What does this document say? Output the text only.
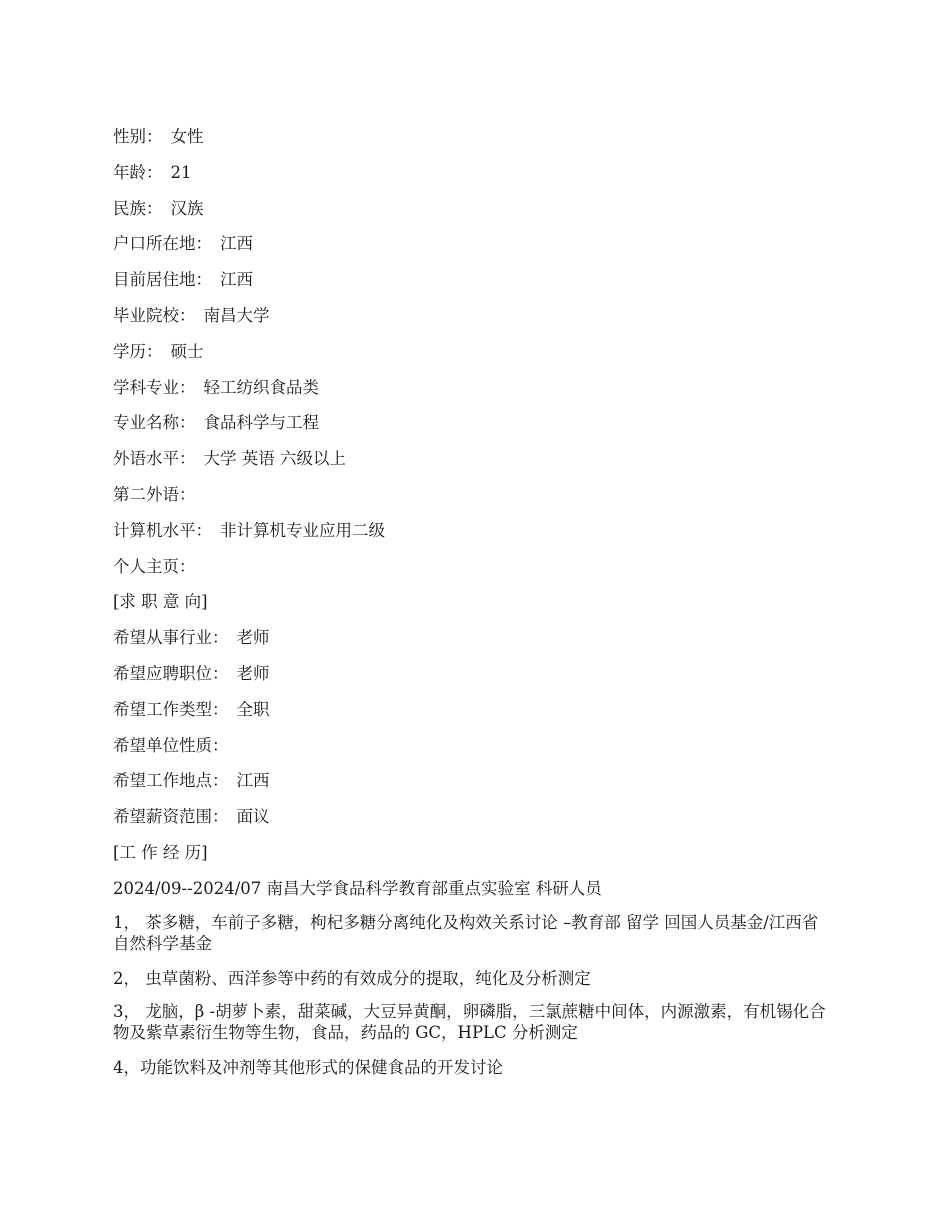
性别： 女性
年龄： 21
民族： 汉族
户口所在地： 江西
目前居住地： 江西
毕业院校： 南昌大学
学历： 硕士
学科专业： 轻工纺织食品类
专业名称： 食品科学与工程
外语水平： 大学 英语 六级以上
第二外语：
计算机水平： 非计算机专业应用二级
个人主页：
[求 职 意 向]
希望从事行业： 老师
希望应聘职位： 老师
希望工作类型： 全职
希望单位性质：
希望工作地点： 江西
希望薪资范围： 面议
[工 作 经 历]
2024/09--2024/07 南昌大学食品科学教育部重点实验室 科研人员
1， 茶多糖，车前子多糖，枸杞多糖分离纯化及构效关系讨论 –教育部 留学 回国人员基金/江西省自然科学基金
2， 虫草菌粉、西洋参等中药的有效成分的提取，纯化及分析测定
3， 龙脑，β -胡萝卜素，甜菜碱，大豆异黄酮，卵磷脂，三氯蔗糖中间体，内源激素，有机锡化合物及紫草素衍生物等生物，食品，药品的 GC，HPLC 分析测定
4，功能饮料及冲剂等其他形式的保健食品的开发讨论
